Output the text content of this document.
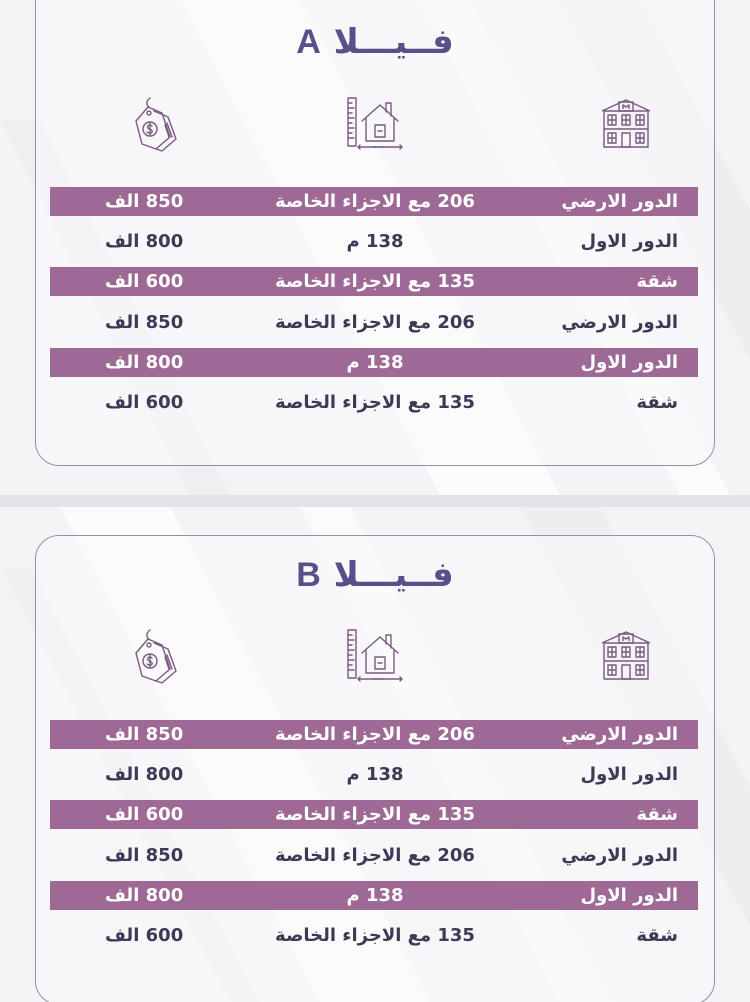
فــيـــلا A
الدور الارضي
206 مع الاجزاء الخاصة
850 الف
الدور الاول
138 م
800 الف
شقة
135 مع الاجزاء الخاصة
600 الف
الدور الارضي
206 مع الاجزاء الخاصة
850 الف
الدور الاول
138 م
800 الف
شقة
135 مع الاجزاء الخاصة
600 الف
فــيـــلا B
الدور الارضي
206 مع الاجزاء الخاصة
850 الف
الدور الاول
138 م
800 الف
شقة
135 مع الاجزاء الخاصة
600 الف
الدور الارضي
206 مع الاجزاء الخاصة
850 الف
الدور الاول
138 م
800 الف
شقة
135 مع الاجزاء الخاصة
600 الف
